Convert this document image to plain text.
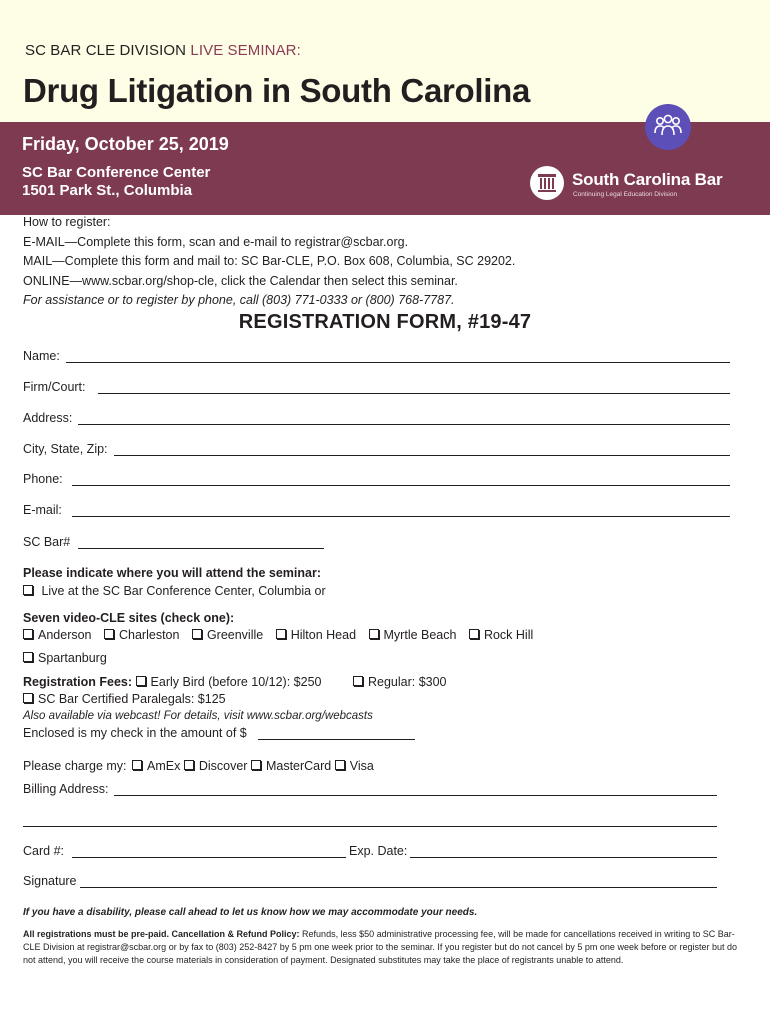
SC BAR CLE DIVISION LIVE SEMINAR:
Drug Litigation in South Carolina
Friday, October 25, 2019
SC Bar Conference Center
1501 Park St., Columbia
South Carolina Bar
Continuing Legal Education Division
How to register:
E-MAIL—Complete this form, scan and e-mail to registrar@scbar.org.
MAIL—Complete this form and mail to: SC Bar-CLE, P.O. Box 608, Columbia, SC 29202.
ONLINE—www.scbar.org/shop-cle, click the Calendar then select this seminar.
For assistance or to register by phone, call (803) 771-0333 or (800) 768-7787.
REGISTRATION FORM, #19-47
Name:
Firm/Court:
Address:
City, State, Zip:
Phone:
E-mail:
SC Bar#
Please indicate where you will attend the seminar:
Live at the SC Bar Conference Center, Columbia or
Seven video-CLE sites (check one):
Anderson Charleston Greenville Hilton Head Myrtle Beach Rock Hill
Spartanburg
Registration Fees: Early Bird (before 10/12): $250	Regular: $300
SC Bar Certified Paralegals: $125
Also available via webcast! For details, visit www.scbar.org/webcasts
Enclosed is my check in the amount of $
Please charge my: AmEx Discover MasterCard Visa
Billing Address:
Card #:	Exp. Date:
Signature
If you have a disability, please call ahead to let us know how we may accommodate your needs.
All registrations must be pre-paid. Cancellation & Refund Policy: Refunds, less $50 administrative processing fee, will be made for cancellations received in writing to SC Bar-CLE Division at registrar@scbar.org or by fax to (803) 252-8427 by 5 pm one week prior to the seminar. If you register but do not cancel by 5 pm one week before or register but do not attend, you will receive the course materials in consideration of payment. Designated substitutes may take the place of registrants unable to attend.
